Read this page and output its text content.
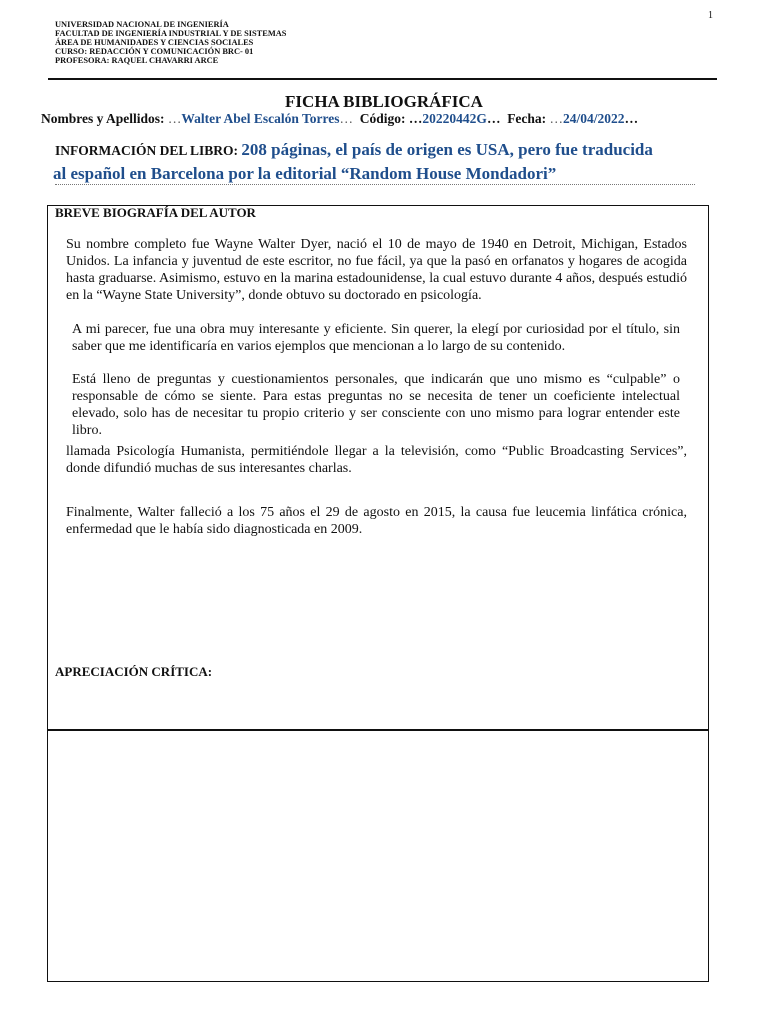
1
UNIVERSIDAD NACIONAL DE INGENIERÍA
FACULTAD DE INGENIERÍA INDUSTRIAL Y DE SISTEMAS
ÁREA DE HUMANIDADES Y CIENCIAS SOCIALES
CURSO: REDACCIÓN Y COMUNICACIÓN BRC- 01
PROFESORA: RAQUEL CHAVARRI ARCE
FICHA BIBLIOGRÁFICA
Nombres y Apellidos: …Walter Abel Escalón Torres… Código: …20220442G… Fecha: …24/04/2022…
INFORMACIÓN DEL LIBRO: 208 páginas, el país de origen es USA, pero fue traducida
al español en Barcelona por la editorial “Random House Mondadori”
BREVE BIOGRAFÍA DEL AUTOR
Su nombre completo fue Wayne Walter Dyer, nació el 10 de mayo de 1940 en Detroit, Michigan, Estados Unidos. La infancia y juventud de este escritor, no fue fácil, ya que la pasó en orfanatos y hogares de acogida hasta graduarse. Asimismo, estuvo en la marina estadounidense, la cual estuvo durante 4 años, después estudió en la “Wayne State University”, donde obtuvo su doctorado en psicología.
llamada Psicología Humanista, permitiéndole llegar a la televisión, como “Public Broadcasting Services”, donde difundió muchas de sus interesantes charlas.

A mi parecer, fue una obra muy interesante y eficiente. Sin querer, la elegí por curiosidad por el título, sin saber que me identificaría en varios ejemplos que mencionan a lo largo de su contenido.

Está lleno de preguntas y cuestionamientos personales, que indicarán que uno mismo es “culpable” o responsable de cómo se siente. Para estas preguntas no se necesita de tener un coeficiente intelectual elevado, solo has de necesitar tu propio criterio y ser consciente con uno mismo para lograr entender este libro.

Finalmente, Walter falleció a los 75 años el 29 de agosto en 2015, la causa fue leucemia linfática crónica, enfermedad que le había sido diagnosticada en 2009.
APRECIACIÓN CRÍTICA:
